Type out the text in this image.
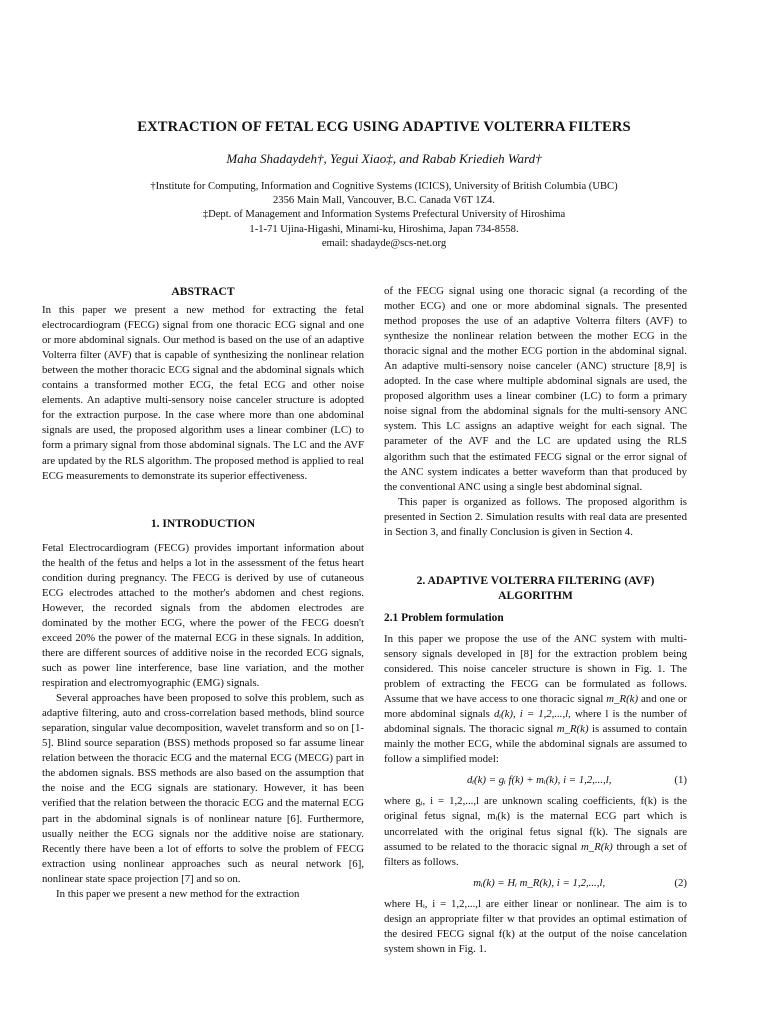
EXTRACTION OF FETAL ECG USING ADAPTIVE VOLTERRA FILTERS
Maha Shadaydeh†, Yegui Xiao‡, and Rabab Kriedieh Ward†
†Institute for Computing, Information and Cognitive Systems (ICICS), University of British Columbia (UBC)
2356 Main Mall, Vancouver, B.C. Canada V6T 1Z4.
‡Dept. of Management and Information Systems Prefectural University of Hiroshima
1-1-71 Ujina-Higashi, Minami-ku, Hiroshima, Japan 734-8558.
email: shadayde@scs-net.org
ABSTRACT

In this paper we present a new method for extracting the fetal electrocardiogram (FECG) signal from one thoracic ECG signal and one or more abdominal signals. Our method is based on the use of an adaptive Volterra filter (AVF) that is capable of synthesizing the nonlinear relation between the mother thoracic ECG signal and the abdominal signals which contains a transformed mother ECG, the fetal ECG and other noise elements. An adaptive multi-sensory noise canceler structure is adopted for the extraction purpose. In the case where more than one abdominal signals are used, the proposed algorithm uses a linear combiner (LC) to form a primary signal from those abdominal signals. The LC and the AVF are updated by the RLS algorithm. The proposed method is applied to real ECG measurements to demonstrate its superior effectiveness.

1. INTRODUCTION

Fetal Electrocardiogram (FECG) provides important information about the health of the fetus and helps a lot in the assessment of the fetus heart condition during pregnancy. The FECG is derived by use of cutaneous ECG electrodes attached to the mother's abdomen and chest regions. However, the recorded signals from the abdomen electrodes are dominated by the mother ECG, where the power of the FECG doesn't exceed 20% the power of the maternal ECG in these signals. In addition, there are different sources of additive noise in the recorded ECG signals, such as power line interference, base line variation, and the mother respiration and electromyographic (EMG) signals.

Several approaches have been proposed to solve this problem, such as adaptive filtering, auto and cross-correlation based methods, blind source separation, singular value decomposition, wavelet transform and so on [1-5]. Blind source separation (BSS) methods proposed so far assume linear relation between the thoracic ECG and the maternal ECG (MECG) part in the abdomen signals. BSS methods are also based on the assumption that the noise and the ECG signals are stationary. However, it has been verified that the relation between the thoracic ECG and the maternal ECG part in the abdominal signals is of nonlinear nature [6]. Furthermore, usually neither the ECG signals nor the additive noise are stationary. Recently there have been a lot of efforts to solve the problem of FECG extraction using nonlinear approaches such as neural network [6], nonlinear state space projection [7] and so on.

In this paper we present a new method for the extraction

of the FECG signal using one thoracic signal (a recording of the mother ECG) and one or more abdominal signals. The presented method proposes the use of an adaptive Volterra filters (AVF) to synthesize the nonlinear relation between the mother ECG in the thoracic signal and the mother ECG portion in the abdominal signal. An adaptive multi-sensory noise canceler (ANC) structure [8,9] is adopted. In the case where multiple abdominal signals are used, the proposed algorithm uses a linear combiner (LC) to form a primary noise signal from the abdominal signals for the multi-sensory ANC system. This LC assigns an adaptive weight for each signal. The parameter of the AVF and the LC are updated using the RLS algorithm such that the estimated FECG signal or the error signal of the ANC system indicates a better waveform than that produced by the conventional ANC using a single best abdominal signal.

This paper is organized as follows. The proposed algorithm is presented in Section 2. Simulation results with real data are presented in Section 3, and finally Conclusion is given in Section 4.

2. ADAPTIVE VOLTERRA FILTERING (AVF)
ALGORITHM
2.1 Problem formulation

In this paper we propose the use of the ANC system with multi-sensory signals developed in [8] for the extraction problem being considered. This noise canceler structure is shown in Fig. 1. The problem of extracting the FECG can be formulated as follows. Assume that we have access to one thoracic signal m_R(k) and one or more abdominal signals dᵢ(k), i = 1,2,...,l, where l is the number of abdominal signals. The thoracic signal m_R(k) is assumed to contain mainly the mother ECG, while the abdominal signals are assumed to follow a simplified model:

dᵢ(k) = gᵢ f(k) + mᵢ(k), i = 1,2,...,l,	(1)

where gᵢ, i = 1,2,...,l are unknown scaling coefficients, f(k) is the original fetus signal, mᵢ(k) is the maternal ECG part which is uncorrelated with the original fetus signal f(k). The signals are assumed to be related to the thoracic signal m_R(k) through a set of filters as follows.

mᵢ(k) = Hᵢ m_R(k), i = 1,2,...,l,	(2)

where Hᵢ, i = 1,2,...,l are either linear or nonlinear. The aim is to design an appropriate filter w that provides an optimal estimation of the desired FECG signal f(k) at the output of the noise cancelation system shown in Fig. 1.
